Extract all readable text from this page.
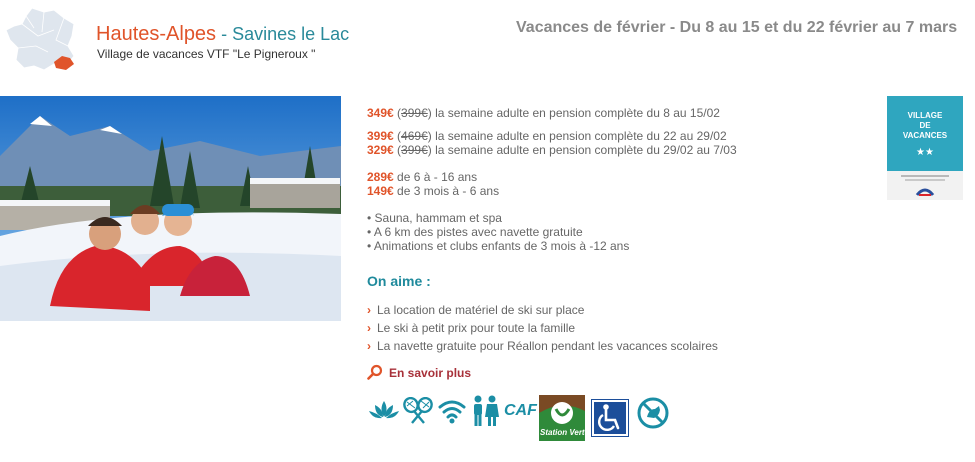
Hautes-Alpes - Savines le Lac
Village de vacances VTF "Le Pigneroux "
Vacances de février - Du 8 au 15 et du 22 février au 7 mars
349€ (399€) la semaine adulte en pension complète du 8 au 15/02
399€ (469€) la semaine adulte en pension complète du 22 au 29/02
329€ (399€) la semaine adulte en pension complète du 29/02 au 7/03
289€ de 6 à - 16 ans
149€ de 3 mois à - 6 ans
• Sauna, hammam et spa
• A 6 km des pistes avec navette gratuite
• Animations et clubs enfants de 3 mois à -12 ans
On aime :
› La location de matériel de ski sur place
› Le ski à petit prix pour toute la famille
› La navette gratuite pour Réallon pendant les vacances scolaires
En savoir plus
VILLAGE
DE
VACANCES
★★
CAF
Station Verte
